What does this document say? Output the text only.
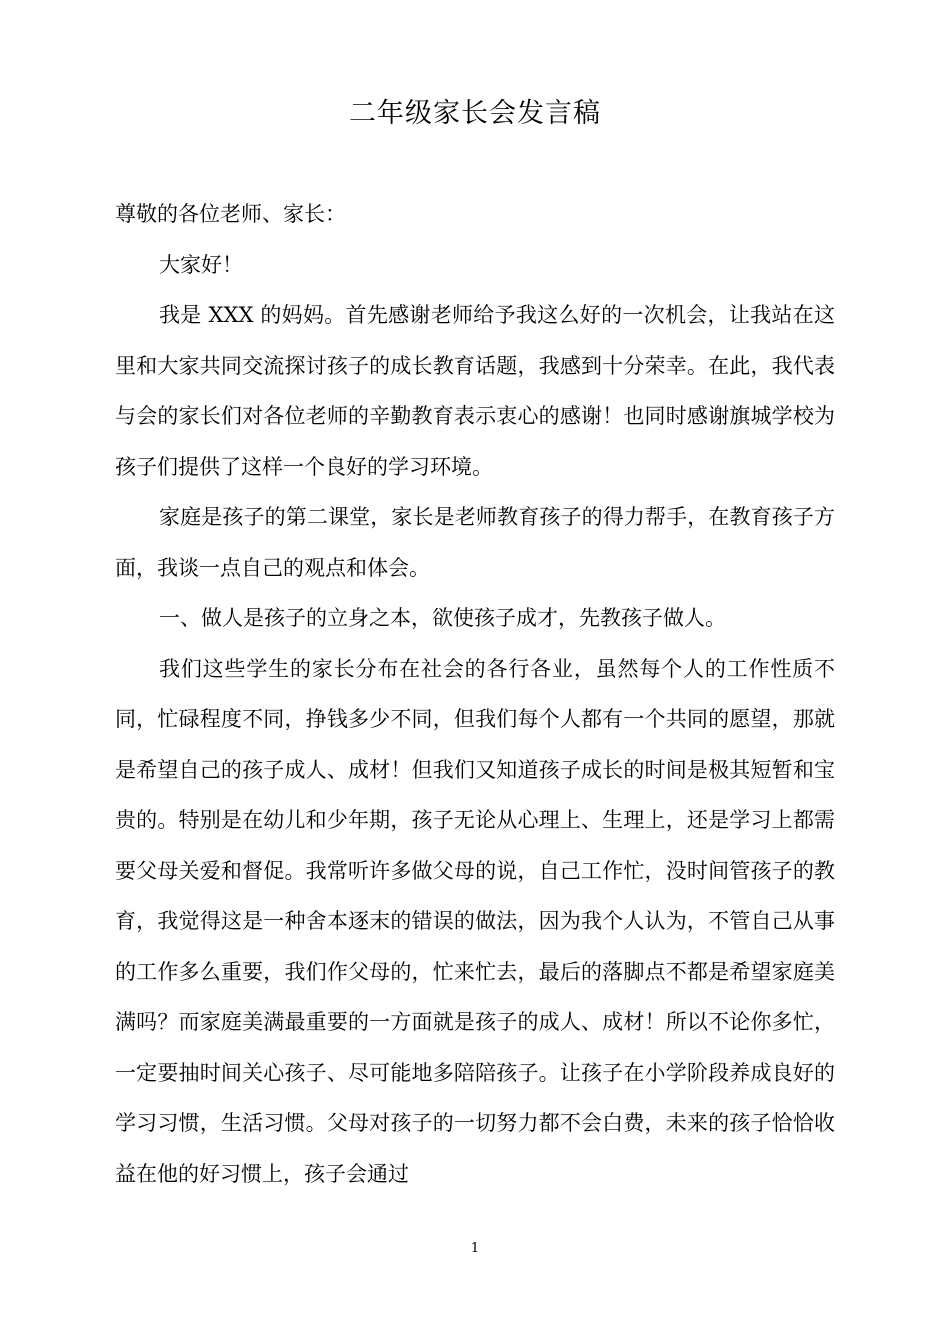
二年级家长会发言稿

尊敬的各位老师、家长：

大家好！

我是 XXX 的妈妈。首先感谢老师给予我这么好的一次机会，让我站在这里和大家共同交流探讨孩子的成长教育话题，我感到十分荣幸。在此，我代表与会的家长们对各位老师的辛勤教育表示衷心的感谢！也同时感谢旗城学校为孩子们提供了这样一个良好的学习环境。

家庭是孩子的第二课堂，家长是老师教育孩子的得力帮手，在教育孩子方面，我谈一点自己的观点和体会。

一、做人是孩子的立身之本，欲使孩子成才，先教孩子做人。

我们这些学生的家长分布在社会的各行各业，虽然每个人的工作性质不同，忙碌程度不同，挣钱多少不同，但我们每个人都有一个共同的愿望，那就是希望自己的孩子成人、成材！但我们又知道孩子成长的时间是极其短暂和宝贵的。特别是在幼儿和少年期，孩子无论从心理上、生理上，还是学习上都需要父母关爱和督促。我常听许多做父母的说，自己工作忙，没时间管孩子的教育，我觉得这是一种舍本逐末的错误的做法，因为我个人认为，不管自己从事的工作多么重要，我们作父母的，忙来忙去，最后的落脚点不都是希望家庭美满吗？而家庭美满最重要的一方面就是孩子的成人、成材！所以不论你多忙，一定要抽时间关心孩子、尽可能地多陪陪孩子。让孩子在小学阶段养成良好的学习习惯，生活习惯。父母对孩子的一切努力都不会白费，未来的孩子恰恰收益在他的好习惯上，孩子会通过

1
